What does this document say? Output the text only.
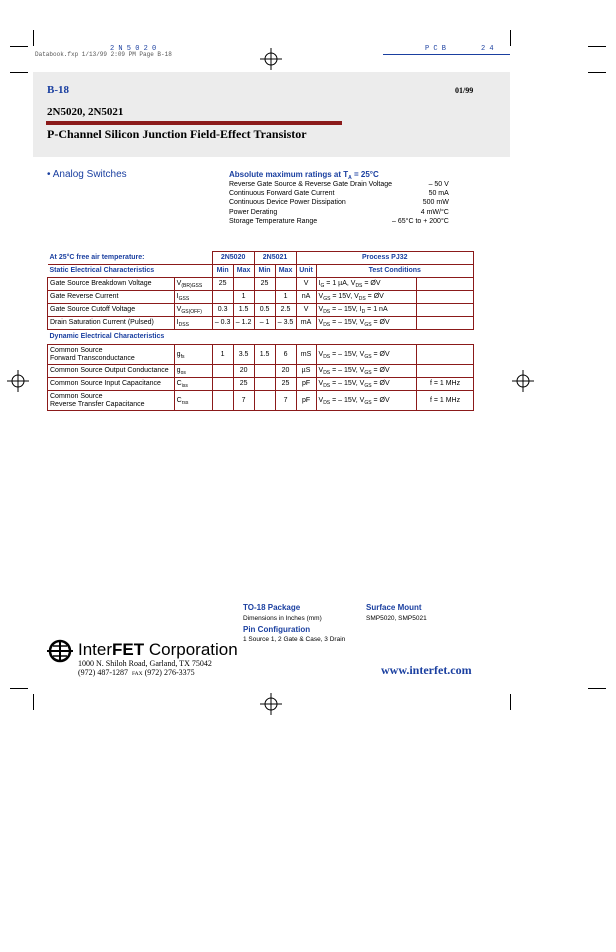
Databook.fxp 1/13/99 2:09 PM Page B-18
2 N 5 0 2 0	P C B	2 4
B-18	01/99
2N5020, 2N5021
P-Channel Silicon Junction Field-Effect Transistor
• Analog Switches	Absolute maximum ratings at $T_A = 25^\circ C$
Reverse Gate Source & Reverse Gate Drain Voltage	– 50 V
Continuous Forward Gate Current	50 mA
Continuous Device Power Dissipation	500 mW
Power Derating	4 mW/°C
Storage Temperature Range	– 65°C to + 200°C
At 25°C free air temperature:		2N5020		2N5021		Process PJ32		
Static Electrical Characteristics		Min	Max	Min	Max	Unit	Test Conditions	

Gate Source Breakdown Voltage	$V_{(BR)GSS}$	25		25		V	$I_G = 1$ µA, $V_{DS}$ = ØV	

Gate Reverse Current	$I_{GSS}$		1		1	nA	$V_{GS} = 15V$, $V_{DS}$ = ØV	

Gate Source Cutoff Voltage	$V_{GS(OFF)}$	0.3	1.5	0.5	2.5	V	$V_{DS}$ = – 15V, $I_D = 1$ nA	

Drain Saturation Current (Pulsed)	$I_{DSS}$	– 0.3	– 1.2	– 1	– 3.5	mA	$V_{DS}$ = – 15V, $V_{GS}$ = ØV	
Dynamic Electrical Characteristics								

Common Source
Forward Transconductance	$g_{fs}$	1	3.5	1.5	6	mS	$V_{DS}$ = – 15V, $V_{GS}$ = ØV	

Common Source Output Conductance	$g_{os}$		20		20	µS	$V_{DS}$ = – 15V, $V_{GS}$ = ØV	

Common Source Input Capacitance	$C_{iss}$		25		25	pF	$V_{DS}$ = – 15V, $V_{GS}$ = ØV	f = 1 MHz

Common Source
Reverse Transfer Capacitance	$C_{rss}$		7		7	pF	$V_{DS}$ = – 15V, $V_{GS}$ = ØV	f = 1 MHz
TO-18 Package
Dimensions in Inches (mm)
Pin Configuration
1 Source 1, 2 Gate & Case, 3 Drain
Surface Mount
SMP5020, SMP5021
InterFET Corporation
1000 N. Shiloh Road, Garland, TX 75042
(972) 487-1287 FAX (972) 276-3375	www.interfet.com
